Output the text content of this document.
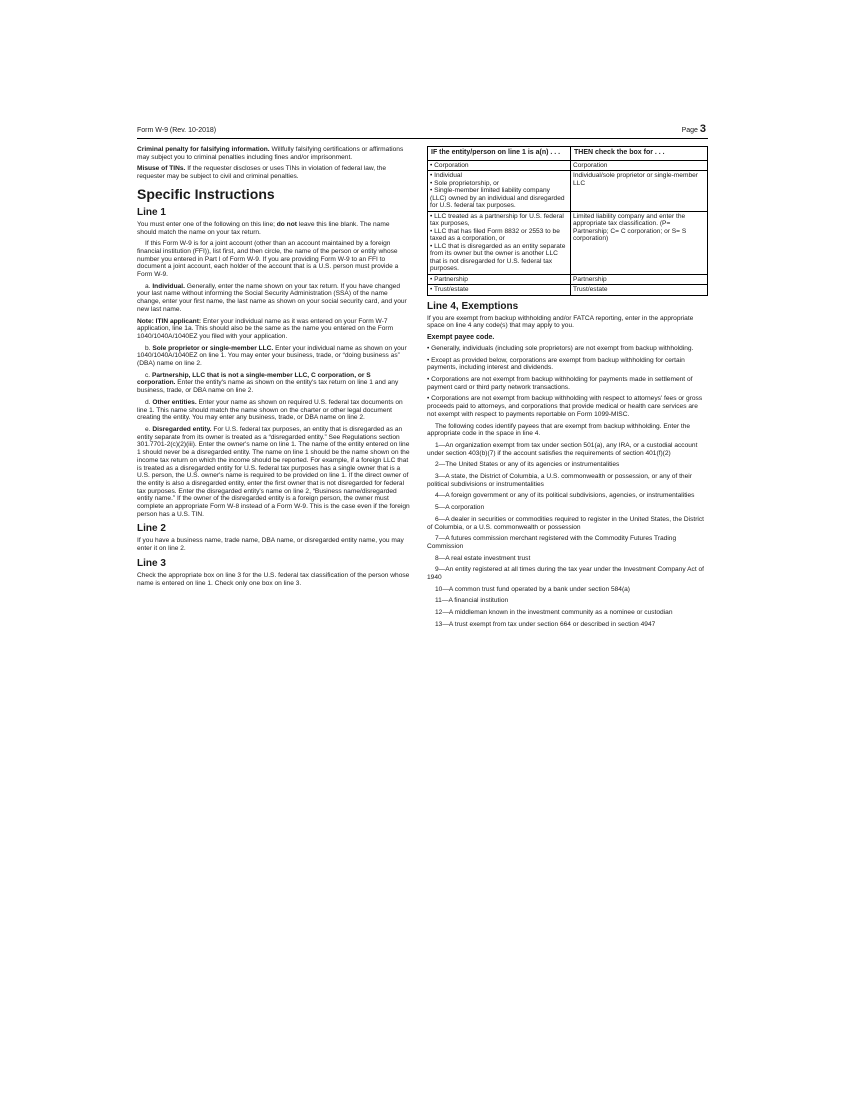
Form W-9 (Rev. 10-2018)	Page 3

Criminal penalty for falsifying information. Willfully falsifying certifications or affirmations may subject you to criminal penalties including fines and/or imprisonment.

Misuse of TINs. If the requester discloses or uses TINs in violation of federal law, the requester may be subject to civil and criminal penalties.

Specific Instructions
Line 1

You must enter one of the following on this line; do not leave this line blank. The name should match the name on your tax return.

If this Form W-9 is for a joint account (other than an account maintained by a foreign financial institution (FFI)), list first, and then circle, the name of the person or entity whose number you entered in Part I of Form W-9. If you are providing Form W-9 to an FFI to document a joint account, each holder of the account that is a U.S. person must provide a Form W-9.

a. Individual. Generally, enter the name shown on your tax return. If you have changed your last name without informing the Social Security Administration (SSA) of the name change, enter your first name, the last name as shown on your social security card, and your new last name.

Note: ITIN applicant: Enter your individual name as it was entered on your Form W-7 application, line 1a. This should also be the same as the name you entered on the Form 1040/1040A/1040EZ you filed with your application.

b. Sole proprietor or single-member LLC. Enter your individual name as shown on your 1040/1040A/1040EZ on line 1. You may enter your business, trade, or “doing business as” (DBA) name on line 2.

c. Partnership, LLC that is not a single-member LLC, C corporation, or S corporation. Enter the entity's name as shown on the entity's tax return on line 1 and any business, trade, or DBA name on line 2.

d. Other entities. Enter your name as shown on required U.S. federal tax documents on line 1. This name should match the name shown on the charter or other legal document creating the entity. You may enter any business, trade, or DBA name on line 2.

e. Disregarded entity. For U.S. federal tax purposes, an entity that is disregarded as an entity separate from its owner is treated as a “disregarded entity.” See Regulations section 301.7701-2(c)(2)(iii). Enter the owner's name on line 1. The name of the entity entered on line 1 should never be a disregarded entity. The name on line 1 should be the name shown on the income tax return on which the income should be reported. For example, if a foreign LLC that is treated as a disregarded entity for U.S. federal tax purposes has a single owner that is a U.S. person, the U.S. owner's name is required to be provided on line 1. If the direct owner of the entity is also a disregarded entity, enter the first owner that is not disregarded for federal tax purposes. Enter the disregarded entity's name on line 2, “Business name/disregarded entity name.” If the owner of the disregarded entity is a foreign person, the owner must complete an appropriate Form W-8 instead of a Form W-9. This is the case even if the foreign person has a U.S. TIN.

Line 2

If you have a business name, trade name, DBA name, or disregarded entity name, you may enter it on line 2.

Line 3

Check the appropriate box on line 3 for the U.S. federal tax classification of the person whose name is entered on line 1. Check only one box on line 3.

IF the entity/person on line 1 is a(n) . . .	THEN check the box for . . .
• Corporation	Corporation

• Individual
• Sole proprietorship, or
• Single-member limited liability company (LLC) owned by an individual and disregarded for U.S. federal tax purposes.	Individual/sole proprietor or single-member LLC

• LLC treated as a partnership for U.S. federal tax purposes,
• LLC that has filed Form 8832 or 2553 to be taxed as a corporation, or
• LLC that is disregarded as an entity separate from its owner but the owner is another LLC that is not disregarded for U.S. federal tax purposes.	Limited liability company and enter the appropriate tax classification. (P= Partnership; C= C corporation; or S= S corporation)
• Partnership	Partnership
• Trust/estate	Trust/estate
Line 4, Exemptions

If you are exempt from backup withholding and/or FATCA reporting, enter in the appropriate space on line 4 any code(s) that may apply to you.

Exempt payee code.

• Generally, individuals (including sole proprietors) are not exempt from backup withholding.

• Except as provided below, corporations are exempt from backup withholding for certain payments, including interest and dividends.

• Corporations are not exempt from backup withholding for payments made in settlement of payment card or third party network transactions.

• Corporations are not exempt from backup withholding with respect to attorneys' fees or gross proceeds paid to attorneys, and corporations that provide medical or health care services are not exempt with respect to payments reportable on Form 1099-MISC.

The following codes identify payees that are exempt from backup withholding. Enter the appropriate code in the space in line 4.

1—An organization exempt from tax under section 501(a), any IRA, or a custodial account under section 403(b)(7) if the account satisfies the requirements of section 401(f)(2)

2—The United States or any of its agencies or instrumentalities

3—A state, the District of Columbia, a U.S. commonwealth or possession, or any of their political subdivisions or instrumentalities

4—A foreign government or any of its political subdivisions, agencies, or instrumentalities

5—A corporation

6—A dealer in securities or commodities required to register in the United States, the District of Columbia, or a U.S. commonwealth or possession

7—A futures commission merchant registered with the Commodity Futures Trading Commission

8—A real estate investment trust

9—An entity registered at all times during the tax year under the Investment Company Act of 1940

10—A common trust fund operated by a bank under section 584(a)

11—A financial institution

12—A middleman known in the investment community as a nominee or custodian

13—A trust exempt from tax under section 664 or described in section 4947
